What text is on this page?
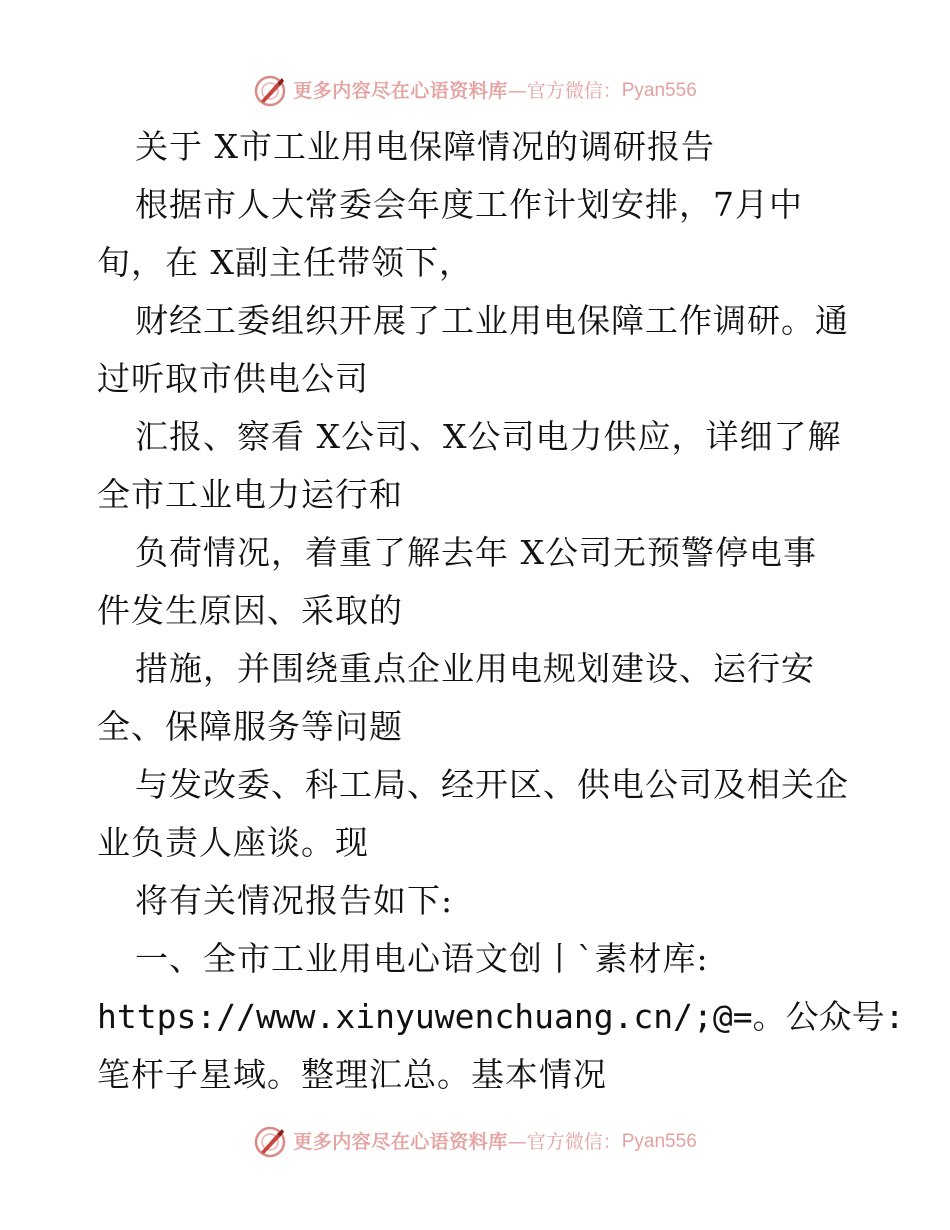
更多内容尽在心语资料库 — 官方微信： Pyan556
关于 X市工业用电保障情况的调研报告
根据市人大常委会年度工作计划安排，7月中
旬，在 X副主任带领下，
财经工委组织开展了工业用电保障工作调研。通
过听取市供电公司
汇报、察看 X公司、X公司电力供应，详细了解
全市工业电力运行和
负荷情况，着重了解去年 X公司无预警停电事
件发生原因、采取的
措施，并围绕重点企业用电规划建设、运行安
全、保障服务等问题
与发改委、科工局、经开区、供电公司及相关企
业负责人座谈。现
将有关情况报告如下:
一、全市工业用电心语文创丨`素材库:
https://www.xinyuwenchuang.cn/;@=。公众号:
笔杆子星域。整理汇总。基本情况
更多内容尽在心语资料库 — 官方微信： Pyan556
